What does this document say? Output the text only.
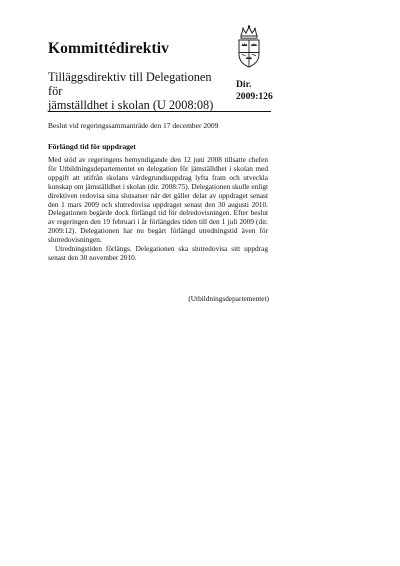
Kommittédirektiv
Tilläggsdirektiv till Delegationen för
jämställdhet i skolan (U 2008:08)
Dir.
2009:126
Beslut vid regeringssammanträde den 17 december 2009
Förlängd tid för uppdraget

Med stöd av regeringens bemyndigande den 12 juni 2008 tillsatte chefen för Utbildningsdepartementet en delegation för jämställdhet i skolan med uppgift att utifrån skolans värdegrundsuppdrag lyfta fram och utveckla kunskap om jämställdhet i skolan (dir. 2008:75). Delegationen skulle enligt direktiven redovisa sina slutsatser när det gäller delar av uppdraget senast den 1 mars 2009 och slutredovisa uppdraget senast den 30 augusti 2010. Delegationen begärde dock förlängd tid för delredovisningen. Efter beslut av regeringen den 19 februari i år förlängdes tiden till den 1 juli 2009 (dir. 2009:12). Delegationen har nu begärt förlängd utredningstid även för slutredovisningen.

Utredningstiden förlängs. Delegationen ska slutredovisa sitt uppdrag senast den 30 november 2010.

(Utbildningsdepartementet)
